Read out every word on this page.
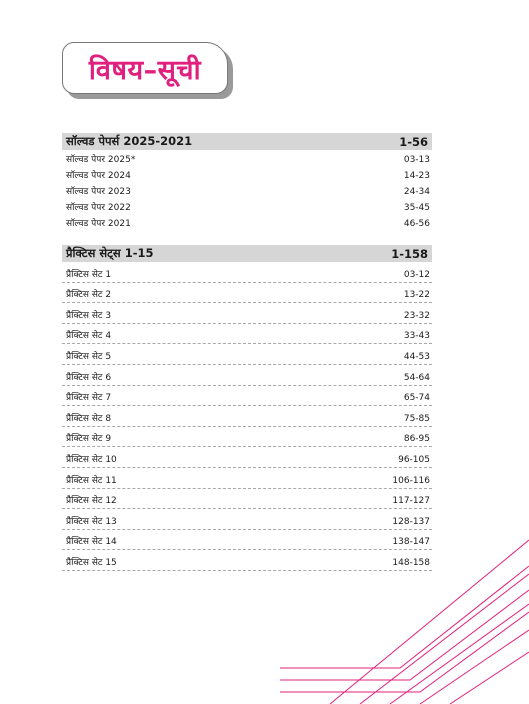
विषय–सूची
सॉल्वड पेपर्स 2025-2021	1-56
सॉल्वड पेपर 2025*	03-13
सॉल्वड पेपर 2024	14-23
सॉल्वड पेपर 2023	24-34
सॉल्वड पेपर 2022	35-45
सॉल्वड पेपर 2021	46-56
प्रैक्टिस सेट्स 1-15	1-158
प्रैक्टिस सेट 1	03-12
प्रैक्टिस सेट 2	13-22
प्रैक्टिस सेट 3	23-32
प्रैक्टिस सेट 4	33-43
प्रैक्टिस सेट 5	44-53
प्रैक्टिस सेट 6	54-64
प्रैक्टिस सेट 7	65-74
प्रैक्टिस सेट 8	75-85
प्रैक्टिस सेट 9	86-95
प्रैक्टिस सेट 10	96-105
प्रैक्टिस सेट 11	106-116
प्रैक्टिस सेट 12	117-127
प्रैक्टिस सेट 13	128-137
प्रैक्टिस सेट 14	138-147
प्रैक्टिस सेट 15	148-158
